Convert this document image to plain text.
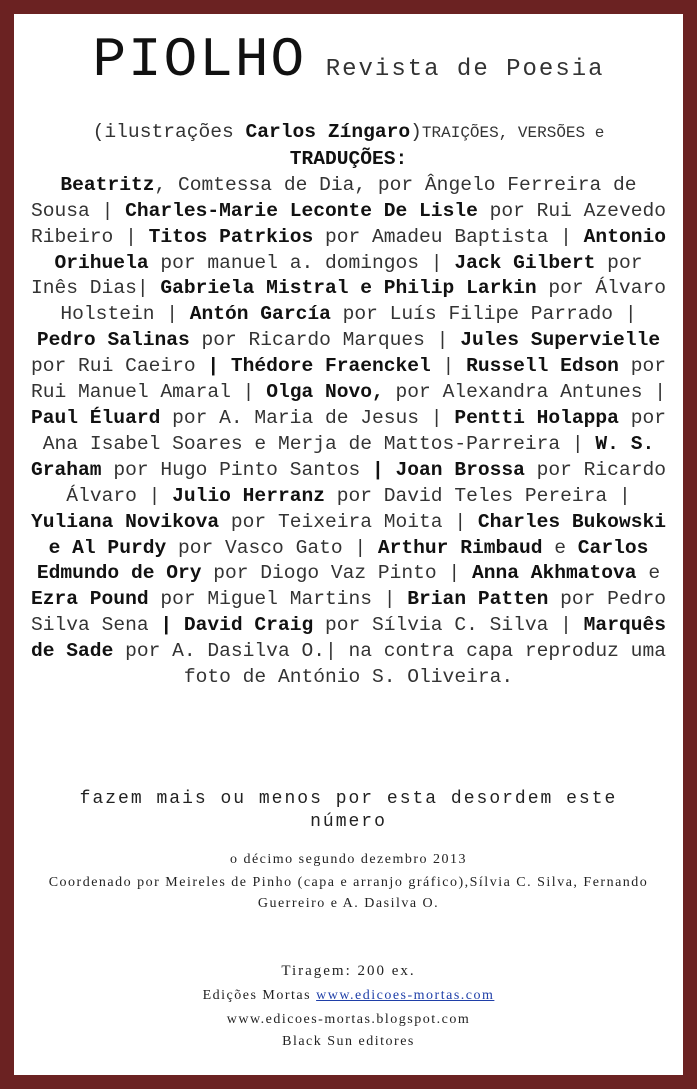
PIOLHO Revista de Poesia
(ilustrações Carlos Zíngaro)TRAIÇÕES, VERSÕES e
TRADUÇÕES:
Beatritz, Comtessa de Dia, por Ângelo Ferreira de Sousa | Charles-Marie Leconte De Lisle por Rui Azevedo Ribeiro | Titos Patrkios por Amadeu Baptista | Antonio Orihuela por manuel a. domingos | Jack Gilbert por Inês Dias| Gabriela Mistral e Philip Larkin por Álvaro Holstein | Antón García por Luís Filipe Parrado | Pedro Salinas por Ricardo Marques | Jules Supervielle por Rui Caeiro | Thédore Fraenckel | Russell Edson por Rui Manuel Amaral | Olga Novo, por Alexandra Antunes | Paul Éluard por A. Maria de Jesus | Pentti Holappa por Ana Isabel Soares e Merja de Mattos-Parreira | W. S. Graham por Hugo Pinto Santos | Joan Brossa por Ricardo Álvaro | Julio Herranz por David Teles Pereira | Yuliana Novikova por Teixeira Moita | Charles Bukowski e Al Purdy por Vasco Gato | Arthur Rimbaud e Carlos Edmundo de Ory por Diogo Vaz Pinto | Anna Akhmatova e Ezra Pound por Miguel Martins | Brian Patten por Pedro Silva Sena | David Craig por Sílvia C. Silva | Marquês de Sade por A. Dasilva O.| na contra capa reproduz uma foto de António S. Oliveira.
fazem mais ou menos por esta desordem este número
o décimo segundo dezembro 2013
Coordenado por Meireles de Pinho (capa e arranjo gráfico),Sílvia C. Silva, Fernando Guerreiro e A. Dasilva O.
Tiragem: 200 ex.
Edições Mortas www.edicoes-mortas.com
www.edicoes-mortas.blogspot.com
Black Sun editores
